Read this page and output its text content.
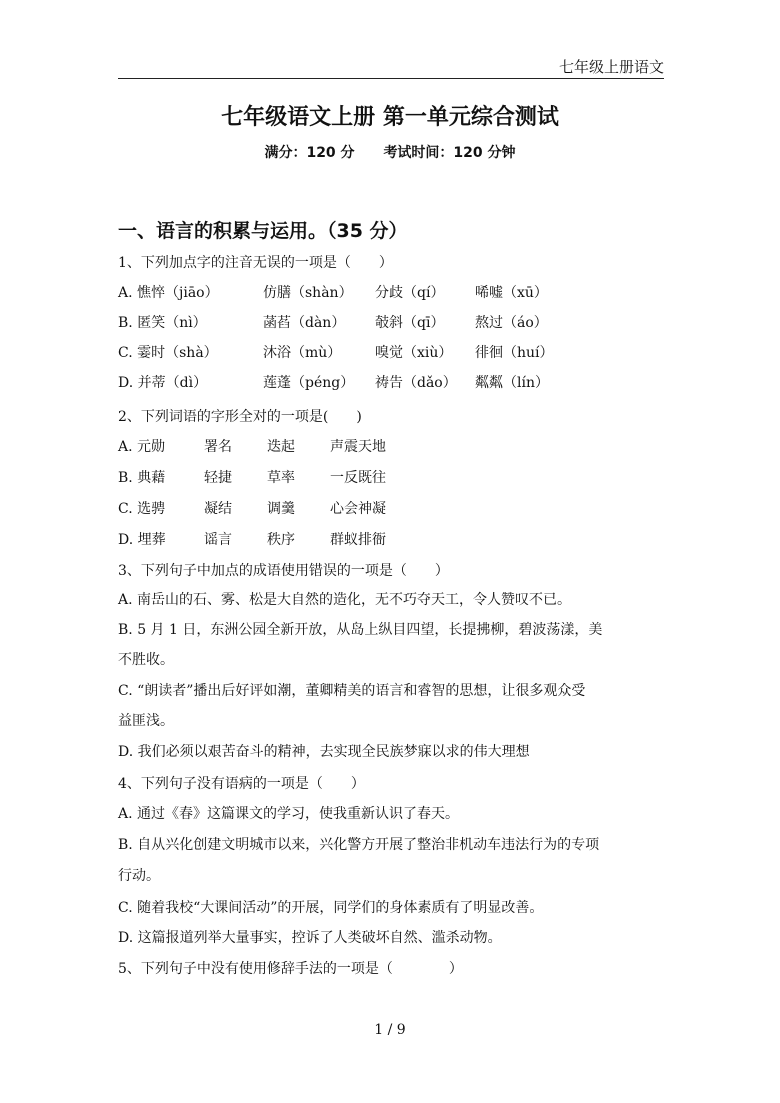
七年级上册语文
七年级语文上册 第一单元综合测试
满分：120 分 考试时间：120 分钟
一、语言的积累与运用。（35 分）
1、下列加点字的注音无误的一项是（　　）
A. 憔悴（jiāo）	仿膳（shàn） 分歧（qí） 唏嘘（xū）
B. 匿笑（nì）	菡萏（dàn） 攲斜（qī） 熬过（áo）
C. 霎时（shà）	沐浴（mù） 嗅觉（xiù） 徘徊（huí）
D. 并蒂（dì）	莲蓬（péng） 祷告（dǎo） 粼粼（lín）
2、下列词语的字形全对的一项是(　　)
A. 元勋	署名	迭起	声震天地
B. 典藉	轻捷	草率	一反既往
C. 选骋	凝结	调羹	心会神凝
D. 埋葬	谣言	秩序	群蚁排衙
3、下列句子中加点的成语使用错误的一项是（　　）
A. 南岳山的石、雾、松是大自然的造化，无不巧夺天工，令人赞叹不已。
B. 5 月 1 日，东洲公园全新开放，从岛上纵目四望，长提拂柳，碧波荡漾，美
不胜收。
C. “朗读者”播出后好评如潮，董卿精美的语言和睿智的思想，让很多观众受
益匪浅。
D. 我们必须以艰苦奋斗的精神，去实现全民族梦寐以求的伟大理想
4、下列句子没有语病的一项是（　　）
A. 通过《春》这篇课文的学习，使我重新认识了春天。
B. 自从兴化创建文明城市以来，兴化警方开展了整治非机动车违法行为的专项
行动。
C. 随着我校“大课间活动”的开展，同学们的身体素质有了明显改善。
D. 这篇报道列举大量事实，控诉了人类破坏自然、滥杀动物。
5、下列句子中没有使用修辞手法的一项是（　　　　）
1 / 9
